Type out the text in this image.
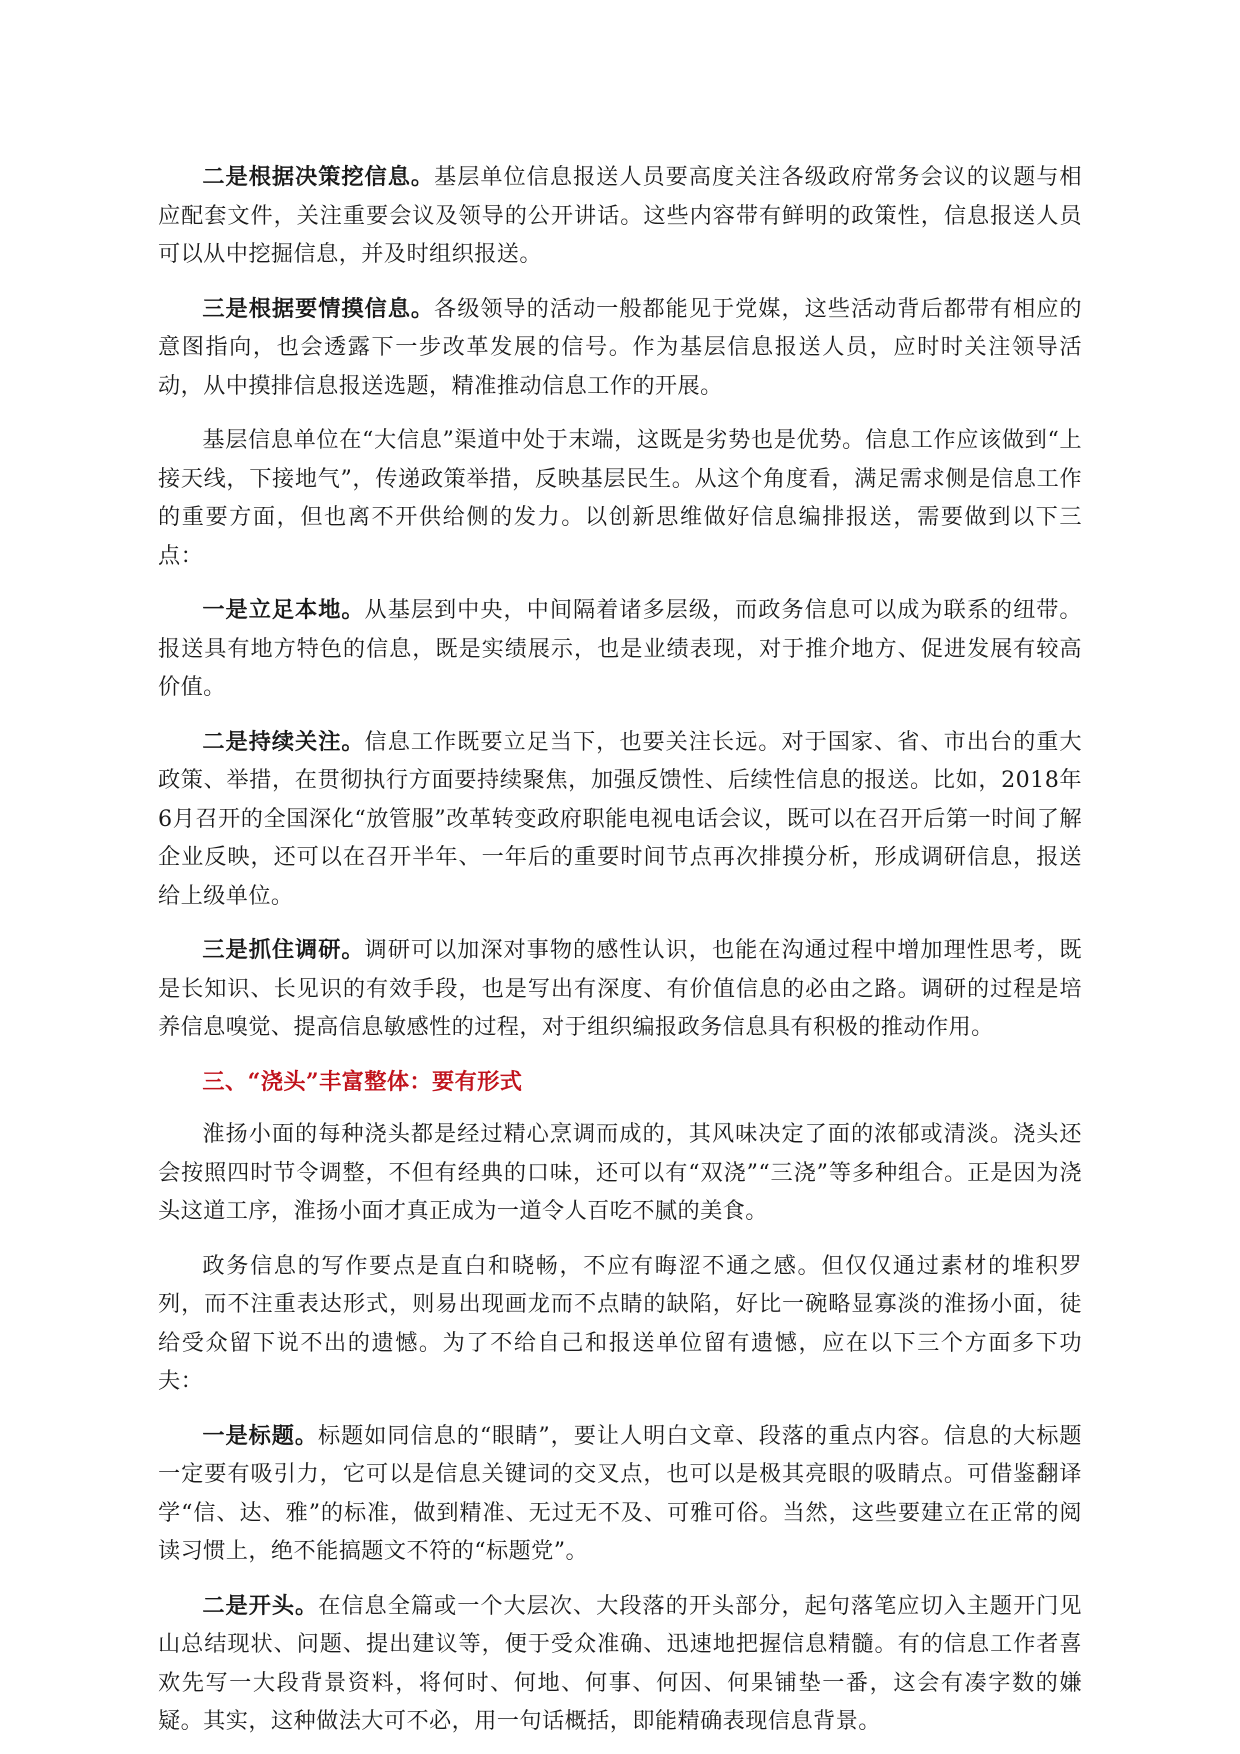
二是根据决策挖信息。基层单位信息报送人员要高度关注各级政府常务会议的议题与相应配套文件，关注重要会议及领导的公开讲话。这些内容带有鲜明的政策性，信息报送人员可以从中挖掘信息，并及时组织报送。

三是根据要情摸信息。各级领导的活动一般都能见于党媒，这些活动背后都带有相应的意图指向，也会透露下一步改革发展的信号。作为基层信息报送人员，应时时关注领导活动，从中摸排信息报送选题，精准推动信息工作的开展。

基层信息单位在“大信息”渠道中处于末端，这既是劣势也是优势。信息工作应该做到“上接天线，下接地气”，传递政策举措，反映基层民生。从这个角度看，满足需求侧是信息工作的重要方面，但也离不开供给侧的发力。以创新思维做好信息编排报送，需要做到以下三点：

一是立足本地。从基层到中央，中间隔着诸多层级，而政务信息可以成为联系的纽带。报送具有地方特色的信息，既是实绩展示，也是业绩表现，对于推介地方、促进发展有较高价值。

二是持续关注。信息工作既要立足当下，也要关注长远。对于国家、省、市出台的重大政策、举措，在贯彻执行方面要持续聚焦，加强反馈性、后续性信息的报送。比如，2018年6月召开的全国深化“放管服”改革转变政府职能电视电话会议，既可以在召开后第一时间了解企业反映，还可以在召开半年、一年后的重要时间节点再次排摸分析，形成调研信息，报送给上级单位。

三是抓住调研。调研可以加深对事物的感性认识，也能在沟通过程中增加理性思考，既是长知识、长见识的有效手段，也是写出有深度、有价值信息的必由之路。调研的过程是培养信息嗅觉、提高信息敏感性的过程，对于组织编报政务信息具有积极的推动作用。

三、“浇头”丰富整体：要有形式

淮扬小面的每种浇头都是经过精心烹调而成的，其风味决定了面的浓郁或清淡。浇头还会按照四时节令调整，不但有经典的口味，还可以有“双浇”“三浇”等多种组合。正是因为浇头这道工序，淮扬小面才真正成为一道令人百吃不腻的美食。

政务信息的写作要点是直白和晓畅，不应有晦涩不通之感。但仅仅通过素材的堆积罗列，而不注重表达形式，则易出现画龙而不点睛的缺陷，好比一碗略显寡淡的淮扬小面，徒给受众留下说不出的遗憾。为了不给自己和报送单位留有遗憾，应在以下三个方面多下功夫：

一是标题。标题如同信息的“眼睛”，要让人明白文章、段落的重点内容。信息的大标题一定要有吸引力，它可以是信息关键词的交叉点，也可以是极其亮眼的吸睛点。可借鉴翻译学“信、达、雅”的标准，做到精准、无过无不及、可雅可俗。当然，这些要建立在正常的阅读习惯上，绝不能搞题文不符的“标题党”。

二是开头。在信息全篇或一个大层次、大段落的开头部分，起句落笔应切入主题开门见山总结现状、问题、提出建议等，便于受众准确、迅速地把握信息精髓。有的信息工作者喜欢先写一大段背景资料，将何时、何地、何事、何因、何果铺垫一番，这会有凑字数的嫌疑。其实，这种做法大可不必，用一句话概括，即能精确表现信息背景。
